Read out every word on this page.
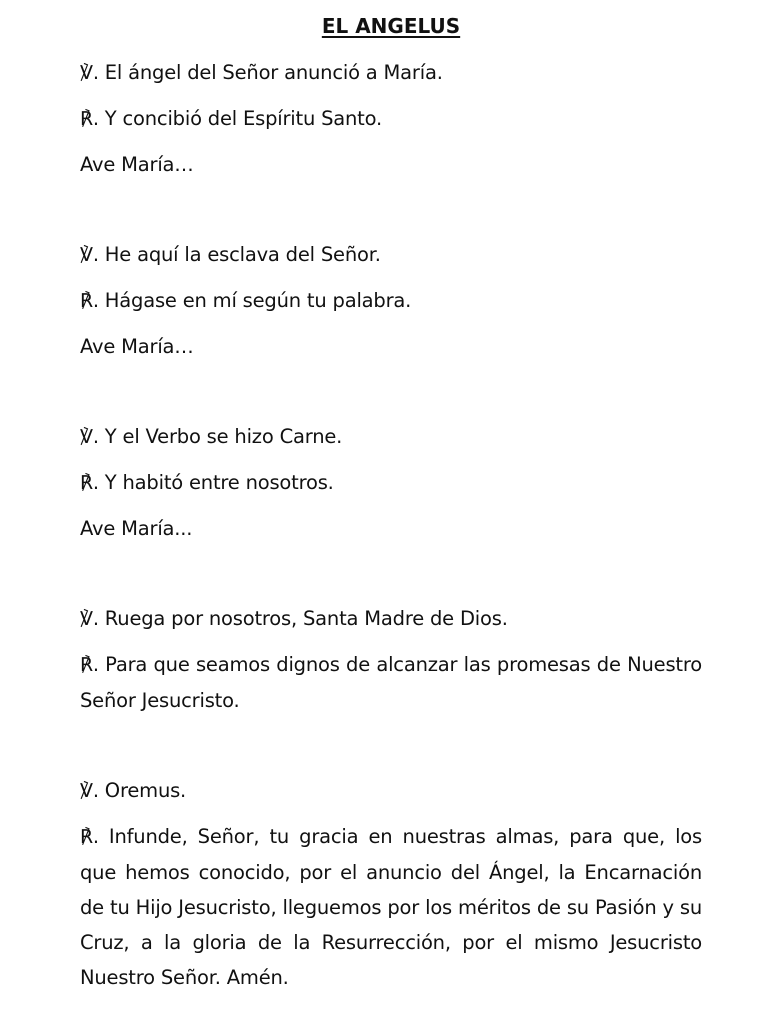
EL ANGELUS
℣. El ángel del Señor anunció a María.
℟. Y concibió del Espíritu Santo.
Ave María…
℣. He aquí la esclava del Señor.
℟. Hágase en mí según tu palabra.
Ave María…
℣. Y el Verbo se hizo Carne.
℟. Y habitó entre nosotros.
Ave María...
℣. Ruega por nosotros, Santa Madre de Dios.
℟. Para que seamos dignos de alcanzar las promesas de Nuestro Señor Jesucristo.
℣. Oremus.
℟. Infunde, Señor, tu gracia en nuestras almas, para que, los que hemos conocido, por el anuncio del Ángel, la Encarnación de tu Hijo Jesucristo, lleguemos por los méritos de su Pasión y su Cruz, a la gloria de la Resurrección, por el mismo Jesucristo Nuestro Señor. Amén.
